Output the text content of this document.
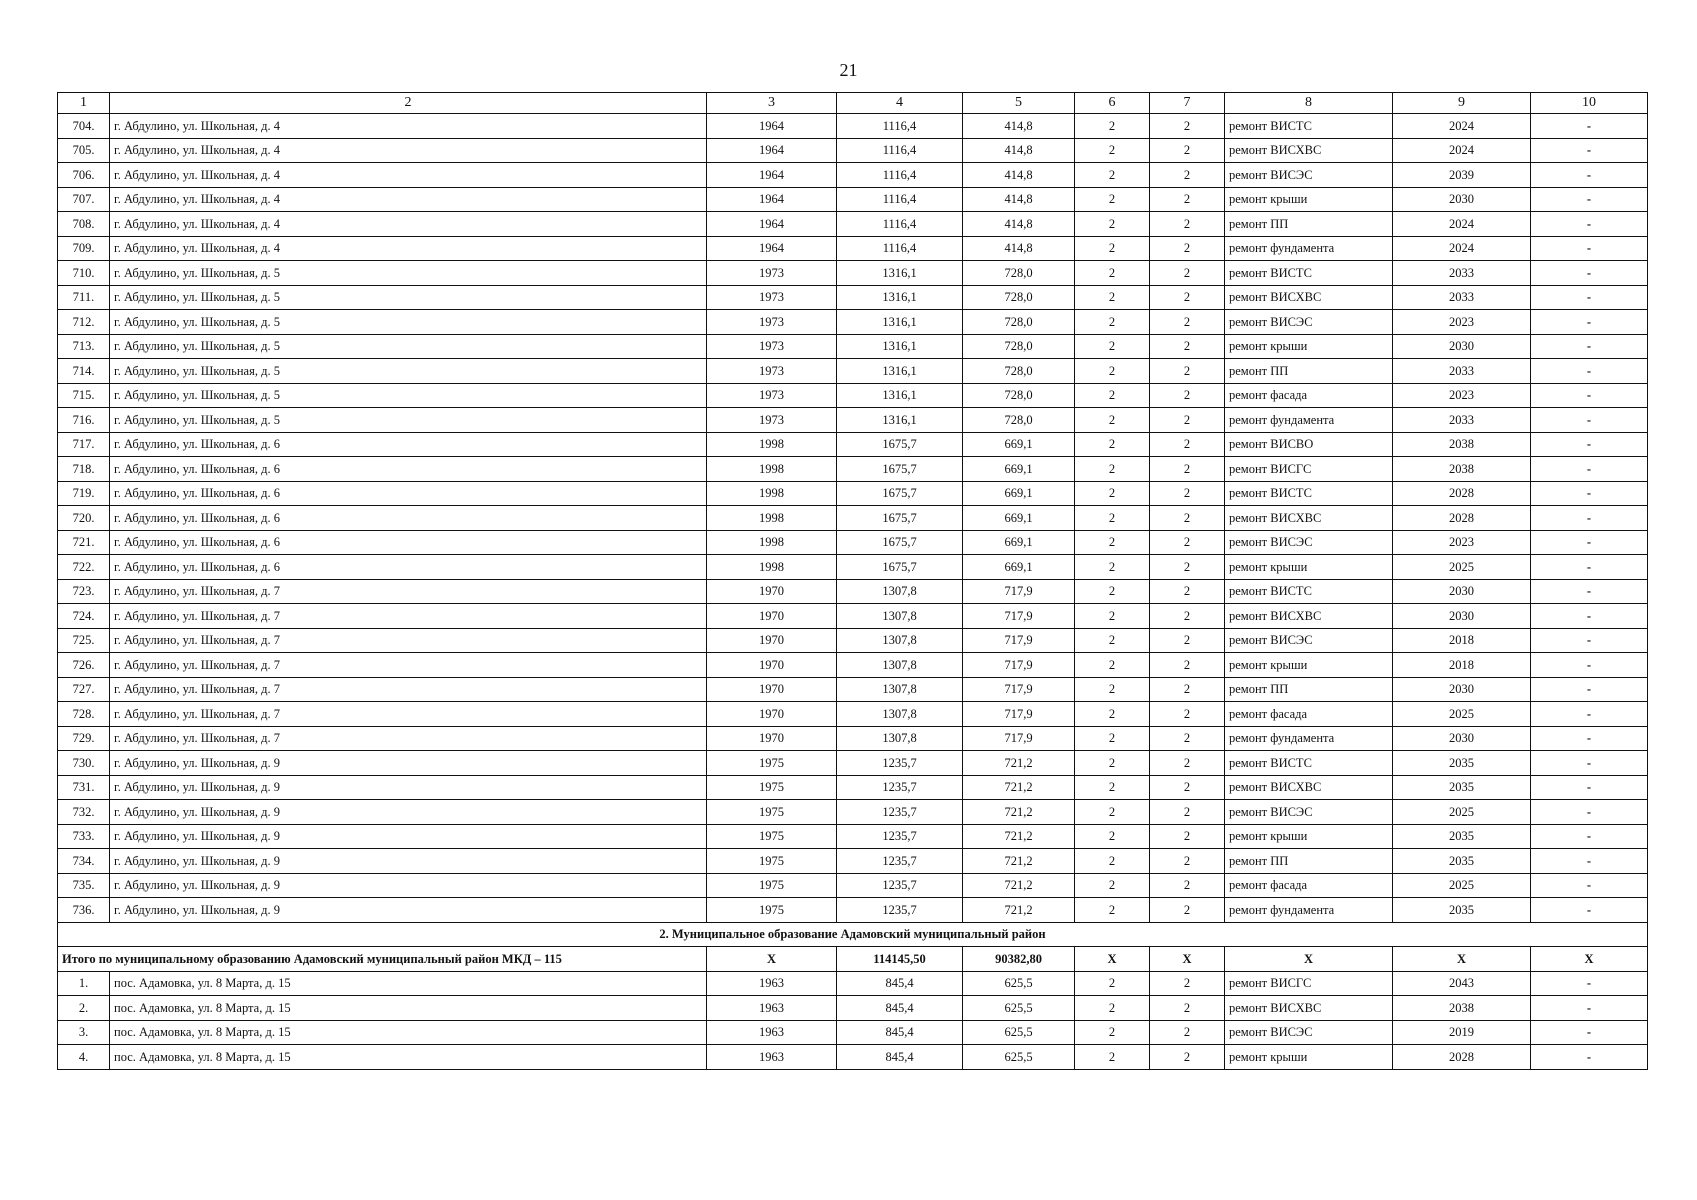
21
1	2	3	4	5	6	7	8	9	10
704.	г. Абдулино, ул. Школьная, д. 4	1964	1116,4	414,8	2	2	ремонт ВИСТС	2024	-
705.	г. Абдулино, ул. Школьная, д. 4	1964	1116,4	414,8	2	2	ремонт ВИСХВС	2024	-
706.	г. Абдулино, ул. Школьная, д. 4	1964	1116,4	414,8	2	2	ремонт ВИСЭС	2039	-
707.	г. Абдулино, ул. Школьная, д. 4	1964	1116,4	414,8	2	2	ремонт крыши	2030	-
708.	г. Абдулино, ул. Школьная, д. 4	1964	1116,4	414,8	2	2	ремонт ПП	2024	-
709.	г. Абдулино, ул. Школьная, д. 4	1964	1116,4	414,8	2	2	ремонт фундамента	2024	-
710.	г. Абдулино, ул. Школьная, д. 5	1973	1316,1	728,0	2	2	ремонт ВИСТС	2033	-
711.	г. Абдулино, ул. Школьная, д. 5	1973	1316,1	728,0	2	2	ремонт ВИСХВС	2033	-
712.	г. Абдулино, ул. Школьная, д. 5	1973	1316,1	728,0	2	2	ремонт ВИСЭС	2023	-
713.	г. Абдулино, ул. Школьная, д. 5	1973	1316,1	728,0	2	2	ремонт крыши	2030	-
714.	г. Абдулино, ул. Школьная, д. 5	1973	1316,1	728,0	2	2	ремонт ПП	2033	-
715.	г. Абдулино, ул. Школьная, д. 5	1973	1316,1	728,0	2	2	ремонт фасада	2023	-
716.	г. Абдулино, ул. Школьная, д. 5	1973	1316,1	728,0	2	2	ремонт фундамента	2033	-
717.	г. Абдулино, ул. Школьная, д. 6	1998	1675,7	669,1	2	2	ремонт ВИСВО	2038	-
718.	г. Абдулино, ул. Школьная, д. 6	1998	1675,7	669,1	2	2	ремонт ВИСГС	2038	-
719.	г. Абдулино, ул. Школьная, д. 6	1998	1675,7	669,1	2	2	ремонт ВИСТС	2028	-
720.	г. Абдулино, ул. Школьная, д. 6	1998	1675,7	669,1	2	2	ремонт ВИСХВС	2028	-
721.	г. Абдулино, ул. Школьная, д. 6	1998	1675,7	669,1	2	2	ремонт ВИСЭС	2023	-
722.	г. Абдулино, ул. Школьная, д. 6	1998	1675,7	669,1	2	2	ремонт крыши	2025	-
723.	г. Абдулино, ул. Школьная, д. 7	1970	1307,8	717,9	2	2	ремонт ВИСТС	2030	-
724.	г. Абдулино, ул. Школьная, д. 7	1970	1307,8	717,9	2	2	ремонт ВИСХВС	2030	-
725.	г. Абдулино, ул. Школьная, д. 7	1970	1307,8	717,9	2	2	ремонт ВИСЭС	2018	-
726.	г. Абдулино, ул. Школьная, д. 7	1970	1307,8	717,9	2	2	ремонт крыши	2018	-
727.	г. Абдулино, ул. Школьная, д. 7	1970	1307,8	717,9	2	2	ремонт ПП	2030	-
728.	г. Абдулино, ул. Школьная, д. 7	1970	1307,8	717,9	2	2	ремонт фасада	2025	-
729.	г. Абдулино, ул. Школьная, д. 7	1970	1307,8	717,9	2	2	ремонт фундамента	2030	-
730.	г. Абдулино, ул. Школьная, д. 9	1975	1235,7	721,2	2	2	ремонт ВИСТС	2035	-
731.	г. Абдулино, ул. Школьная, д. 9	1975	1235,7	721,2	2	2	ремонт ВИСХВС	2035	-
732.	г. Абдулино, ул. Школьная, д. 9	1975	1235,7	721,2	2	2	ремонт ВИСЭС	2025	-
733.	г. Абдулино, ул. Школьная, д. 9	1975	1235,7	721,2	2	2	ремонт крыши	2035	-
734.	г. Абдулино, ул. Школьная, д. 9	1975	1235,7	721,2	2	2	ремонт ПП	2035	-
735.	г. Абдулино, ул. Школьная, д. 9	1975	1235,7	721,2	2	2	ремонт фасада	2025	-
736.	г. Абдулино, ул. Школьная, д. 9	1975	1235,7	721,2	2	2	ремонт фундамента	2035	-
2. Муниципальное образование Адамовский муниципальный район									
Итого по муниципальному образованию Адамовский муниципальный район МКД – 115		Х	114145,50	90382,80	Х	Х	Х	Х	Х
1.	пос. Адамовка, ул. 8 Марта, д. 15	1963	845,4	625,5	2	2	ремонт ВИСГС	2043	-
2.	пос. Адамовка, ул. 8 Марта, д. 15	1963	845,4	625,5	2	2	ремонт ВИСХВС	2038	-
3.	пос. Адамовка, ул. 8 Марта, д. 15	1963	845,4	625,5	2	2	ремонт ВИСЭС	2019	-
4.	пос. Адамовка, ул. 8 Марта, д. 15	1963	845,4	625,5	2	2	ремонт крыши	2028	-
